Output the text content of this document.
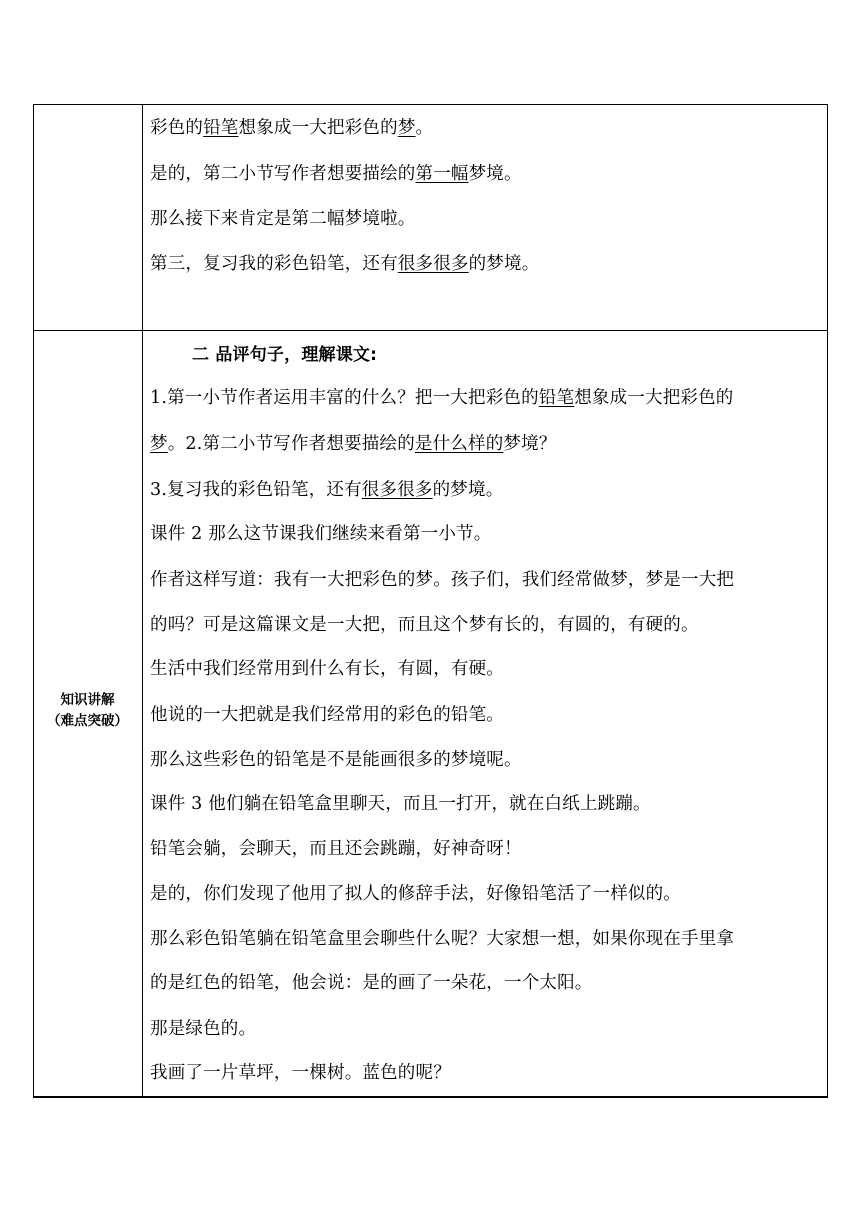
彩色的铅笔想象成一大把彩色的梦。
是的，第二小节写作者想要描绘的第一幅梦境。
那么接下来肯定是第二幅梦境啦。
第三，复习我的彩色铅笔，还有很多很多的梦境。
知识讲解
（难点突破）
二 品评句子，理解课文:
1.第一小节作者运用丰富的什么？把一大把彩色的铅笔想象成一大把彩色的
梦。2.第二小节写作者想要描绘的是什么样的梦境？
3.复习我的彩色铅笔，还有很多很多的梦境。
课件 2 那么这节课我们继续来看第一小节。
作者这样写道：我有一大把彩色的梦。孩子们，我们经常做梦，梦是一大把
的吗？可是这篇课文是一大把，而且这个梦有长的，有圆的，有硬的。
生活中我们经常用到什么有长，有圆，有硬。
他说的一大把就是我们经常用的彩色的铅笔。
那么这些彩色的铅笔是不是能画很多的梦境呢。
课件 3 他们躺在铅笔盒里聊天，而且一打开，就在白纸上跳蹦。
铅笔会躺，会聊天，而且还会跳蹦，好神奇呀！
是的，你们发现了他用了拟人的修辞手法，好像铅笔活了一样似的。
那么彩色铅笔躺在铅笔盒里会聊些什么呢？大家想一想，如果你现在手里拿
的是红色的铅笔，他会说：是的画了一朵花，一个太阳。
那是绿色的。
我画了一片草坪，一棵树。蓝色的呢？
